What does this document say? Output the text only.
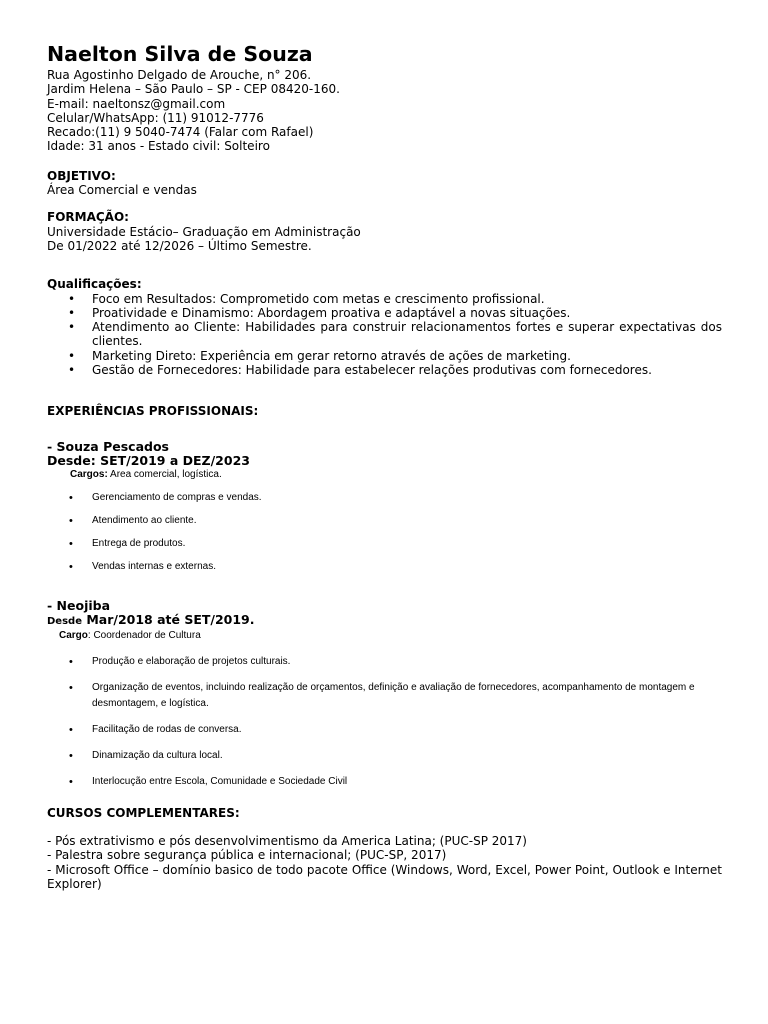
Naelton Silva de Souza
Rua Agostinho Delgado de Arouche, n° 206.
Jardim Helena – São Paulo – SP - CEP 08420-160.
E-mail: naeltonsz@gmail.com
Celular/WhatsApp: (11) 91012-7776
Recado:(11) 9 5040-7474 (Falar com Rafael)
Idade: 31 anos - Estado civil: Solteiro
OBJETIVO:
Área Comercial e vendas
FORMAÇÃO:
Universidade Estácio– Graduação em Administração
De 01/2022 até 12/2026 – Último Semestre.
Qualificações:
• Foco em Resultados: Comprometido com metas e crescimento profissional.
• Proatividade e Dinamismo: Abordagem proativa e adaptável a novas situações.
• Atendimento ao Cliente: Habilidades para construir relacionamentos fortes e superar expectativas dos clientes.
• Marketing Direto: Experiência em gerar retorno através de ações de marketing.
• Gestão de Fornecedores: Habilidade para estabelecer relações produtivas com fornecedores.
EXPERIÊNCIAS PROFISSIONAIS:
- Souza Pescados
Desde: SET/2019 a DEZ/2023
Cargos: Area comercial, logística.
• Gerenciamento de compras e vendas.
• Atendimento ao cliente.
• Entrega de produtos.
• Vendas internas e externas.
- Neojiba
Desde Mar/2018 até SET/2019.
Cargo: Coordenador de Cultura
• Produção e elaboração de projetos culturais.
• Organização de eventos, incluindo realização de orçamentos, definição e avaliação de fornecedores, acompanhamento de montagem e desmontagem, e logística.
• Facilitação de rodas de conversa.
• Dinamização da cultura local.
• Interlocução entre Escola, Comunidade e Sociedade Civil
CURSOS COMPLEMENTARES:
- Pós extrativismo e pós desenvolvimentismo da America Latina; (PUC-SP 2017)
- Palestra sobre segurança pública e internacional; (PUC-SP, 2017)
- Microsoft Office – domínio basico de todo pacote Office (Windows, Word, Excel, Power Point, Outlook e Internet Explorer)
